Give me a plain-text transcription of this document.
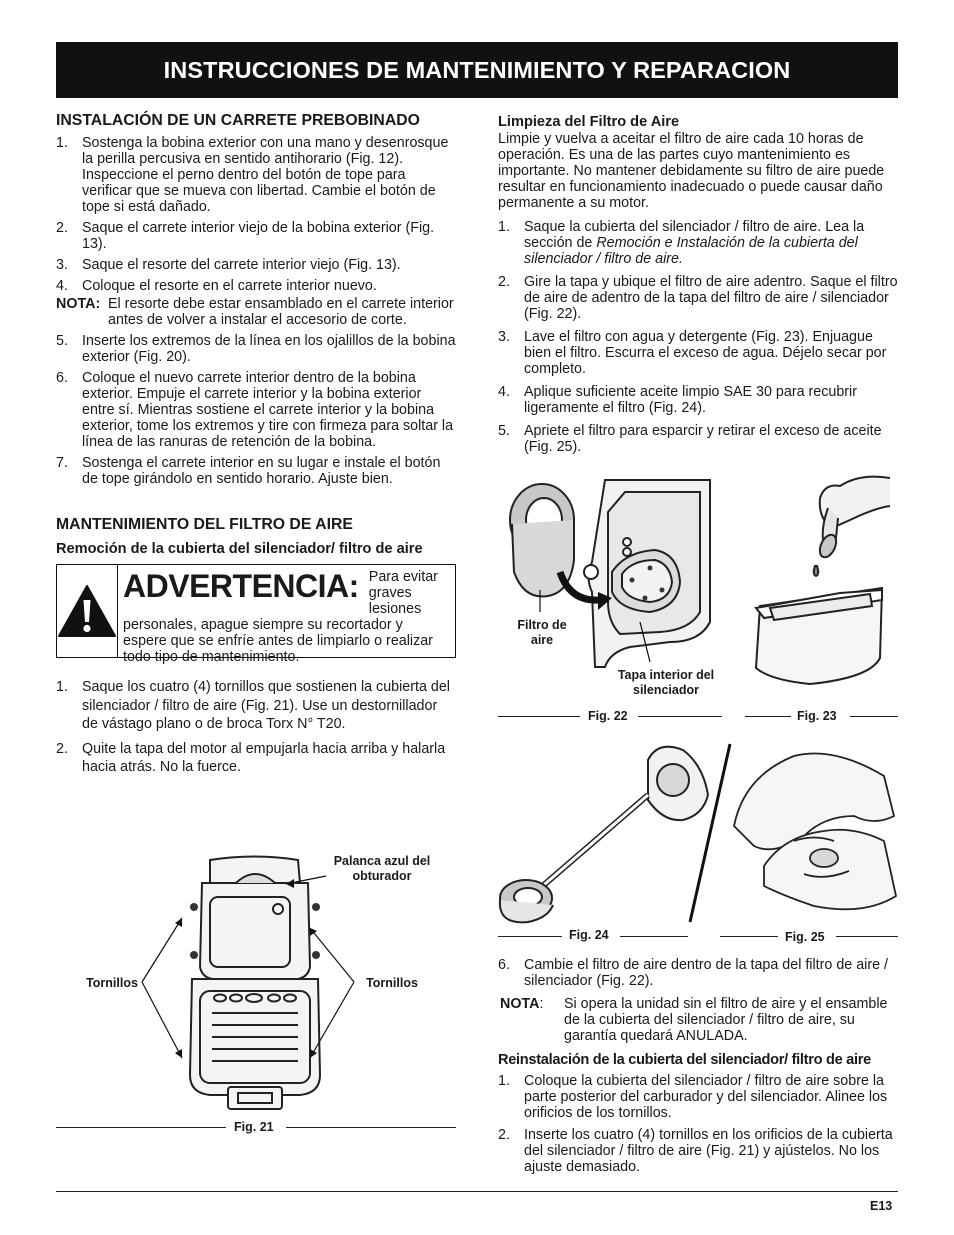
INSTRUCCIONES DE MANTENIMIENTO Y REPARACION
INSTALACIÓN DE UN CARRETE PREBOBINADO
1. Sostenga la bobina exterior con una mano y desenrosque la perilla percusiva en sentido antihorario (Fig. 12). Inspeccione el perno dentro del botón de tope para verificar que se mueva con libertad. Cambie el botón de tope si está dañado.
2. Saque el carrete interior viejo de la bobina exterior (Fig. 13).
3. Saque el resorte del carrete interior viejo (Fig. 13).
4. Coloque el resorte en el carrete interior nuevo.
NOTA: El resorte debe estar ensamblado en el carrete interior antes de volver a instalar el accesorio de corte.
5. Inserte los extremos de la línea en los ojalillos de la bobina exterior (Fig. 20).
6. Coloque el nuevo carrete interior dentro de la bobina exterior. Empuje el carrete interior y la bobina exterior entre sí. Mientras sostiene el carrete interior y la bobina exterior, tome los extremos y tire con firmeza para soltar la línea de las ranuras de retención de la bobina.
7. Sostenga el carrete interior en su lugar e instale el botón de tope girándolo en sentido horario. Ajuste bien.
MANTENIMIENTO DEL FILTRO DE AIRE
Remoción de la cubierta del silenciador/ filtro de aire
ADVERTENCIA: Para evitar graves lesiones personales, apague siempre su recortador y espere que se enfríe antes de limpiarlo o realizar todo tipo de mantenimiento.
1. Saque los cuatro (4) tornillos que sostienen la cubierta del silenciador / filtro de aire (Fig. 21). Use un destornillador de vástago plano o de broca Torx N° T20.
2. Quite la tapa del motor al empujarla hacia arriba y halarla hacia atrás. No la fuerce.
Palanca azul del obturador
Tornillos	Tornillos
Fig. 21
Limpieza del Filtro de Aire

Limpie y vuelva a aceitar el filtro de aire cada 10 horas de operación. Es una de las partes cuyo mantenimiento es importante. No mantener debidamente su filtro de aire puede resultar en funcionamiento inadecuado o puede causar daño permanente a su motor.

1. Saque la cubierta del silenciador / filtro de aire. Lea la sección de Remoción e Instalación de la cubierta del silenciador / filtro de aire.
2. Gire la tapa y ubique el filtro de aire adentro. Saque el filtro de aire de adentro de la tapa del filtro de aire / silenciador (Fig. 22).
3. Lave el filtro con agua y detergente (Fig. 23). Enjuague bien el filtro. Escurra el exceso de agua. Déjelo secar por completo.
4. Aplique suficiente aceite limpio SAE 30 para recubrir ligeramente el filtro (Fig. 24).
5. Apriete el filtro para esparcir y retirar el exceso de aceite (Fig. 25).
Filtro de aire
Tapa interior del silenciador
Fig. 22	Fig. 23
Fig. 24	Fig. 25
6. Cambie el filtro de aire dentro de la tapa del filtro de aire / silenciador (Fig. 22).
NOTA: Si opera la unidad sin el filtro de aire y el ensamble de la cubierta del silenciador / filtro de aire, su garantía quedará ANULADA.
Reinstalación de la cubierta del silenciador/ filtro de aire
1. Coloque la cubierta del silenciador / filtro de aire sobre la parte posterior del carburador y del silenciador. Alinee los orificios de los tornillos.
2. Inserte los cuatro (4) tornillos en los orificios de la cubierta del silenciador / filtro de aire (Fig. 21) y ajústelos. No los ajuste demasiado.
E13
